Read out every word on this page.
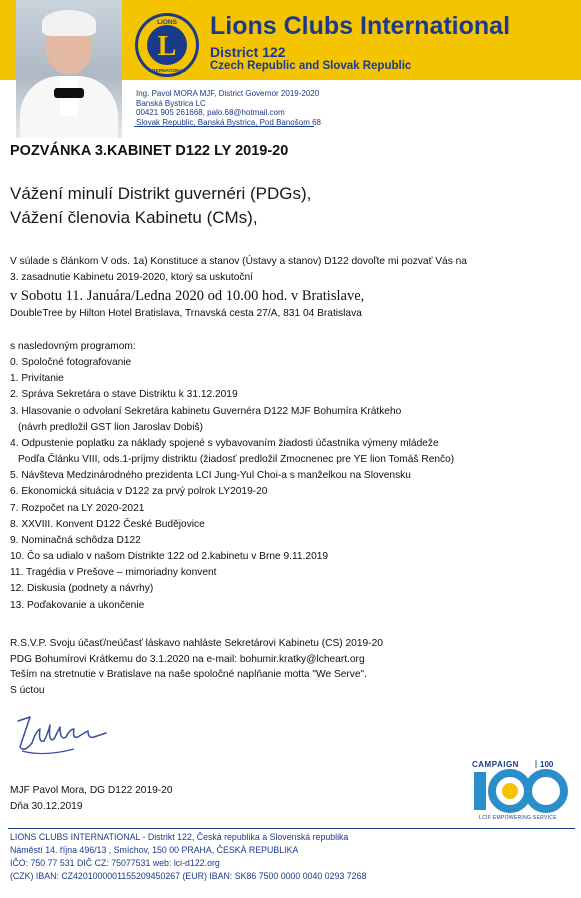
L
LIONS
INTERNATIONAL
Lions Clubs International
District 122
Czech Republic and Slovak Republic
Ing. Pavol MORA MJF, District Governor 2019-2020
Banská Bystrica LC
00421 905 261668, palo.68@hotmail.com
Slovak Republic, Banská Bystrica, Pod Banošom 68
POZVÁNKA 3.KABINET D122 LY 2019-20
Vážení minulí Distrikt guvernéri (PDGs),
Vážení členovia Kabinetu (CMs),
V súlade s článkom V ods. 1a) Konstituce a stanov (Ústavy a stanov) D122 dovoľte mi pozvať Vás na
3. zasadnutie Kabinetu 2019-2020, ktorý sa uskutoční
v Sobotu 11. Januára/Ledna 2020 od 10.00 hod. v Bratislave,
DoubleTree by Hilton Hotel Bratislava, Trnavská cesta 27/A, 831 04 Bratislava
s nasledovným programom:
0. Spoločné fotografovanie
1. Privítanie
2. Správa Sekretára o stave Distriktu k 31.12.2019
3. Hlasovanie o odvolaní Sekretára kabinetu Guvernéra D122 MJF Bohumíra Krátkeho
(návrh predložil GST lion Jaroslav Dobiš)
4. Odpustenie poplatku za náklady spojené s vybavovaním žiadosti účastníka výmeny mládeže
Podľa Článku VIII, ods.1-príjmy distriktu (žiadosť predložil Zmocnenec pre YE lion Tomáš Renčo)
5. Návšteva Medzinárodného prezidenta LCI Jung-Yul Choi-a s manželkou na Slovensku
6. Ekonomická situácia v D122 za prvý polrok LY2019-20
7. Rozpočet na LY 2020-2021
8. XXVIII. Konvent D122 České Budějovice
9. Nominačná schôdza D122
10. Čo sa udialo v našom Distrikte 122 od 2.kabinetu v Brne 9.11.2019
11. Tragédia v Prešove – mimoriadny konvent
12. Diskusia (podnety a návrhy)
13. Poďakovanie a ukončenie
R.S.V.P. Svoju účasť/neúčasť láskavo nahláste Sekretárovi Kabinetu (CS) 2019-20
PDG Bohumírovi Krátkemu do 3.1.2020 na e-mail: bohumir.kratky@lcheart.org
Teším na stretnutie v Bratislave na naše spoločné naplňanie motta "We Serve".
S úctou
MJF Pavol Mora, DG D122 2019-20
Dňa 30.12.2019
CAMPAIGN	100
LCIF EMPOWERING SERVICE
LIONS CLUBS INTERNATIONAL - Distrikt 122, Česká republika a Slovenská republika
Náměstí 14. října 496/13 , Smíchov, 150 00 PRAHA, ČESKÁ REPUBLIKA
IČO: 750 77 531 DIČ CZ: 75077531 web: lci-d122.org
(CZK) IBAN: CZ4201000001155209450267 (EUR) IBAN: SK86 7500 0000 0040 0293 7268
